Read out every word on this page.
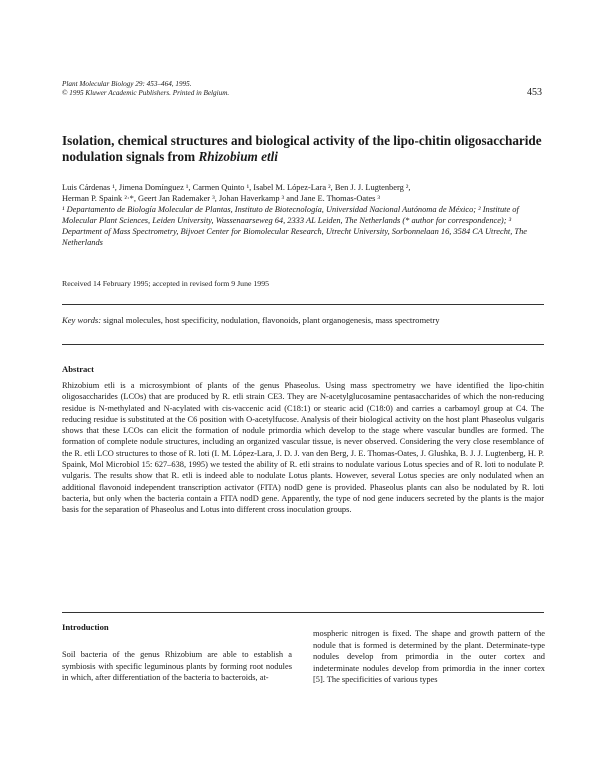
Plant Molecular Biology 29: 453–464, 1995.
© 1995 Kluwer Academic Publishers. Printed in Belgium.	453
Isolation, chemical structures and biological activity of the lipo-chitin oligosaccharide nodulation signals from Rhizobium etli
Luis Cárdenas ¹, Jimena Domínguez ¹, Carmen Quinto ¹, Isabel M. López-Lara ², Ben J. J. Lugtenberg ²,
Herman P. Spaink ²·*, Geert Jan Rademaker ³, Johan Haverkamp ³ and Jane E. Thomas-Oates ³
¹ Departamento de Biología Molecular de Plantas, Instituto de Biotecnología, Universidad Nacional Autónoma de México; ² Institute of Molecular Plant Sciences, Leiden University, Wassenaarseweg 64, 2333 AL Leiden, The Netherlands (* author for correspondence); ³ Department of Mass Spectrometry, Bijvoet Center for Biomolecular Research, Utrecht University, Sorbonnelaan 16, 3584 CA Utrecht, The Netherlands
Received 14 February 1995; accepted in revised form 9 June 1995
Key words: signal molecules, host specificity, nodulation, flavonoids, plant organogenesis, mass spectrometry
Abstract
Rhizobium etli is a microsymbiont of plants of the genus Phaseolus. Using mass spectrometry we have identified the lipo-chitin oligosaccharides (LCOs) that are produced by R. etli strain CE3. They are N-acetylglucosamine pentasaccharides of which the non-reducing residue is N-methylated and N-acylated with cis-vaccenic acid (C18:1) or stearic acid (C18:0) and carries a carbamoyl group at C4. The reducing residue is substituted at the C6 position with O-acetylfucose. Analysis of their biological activity on the host plant Phaseolus vulgaris shows that these LCOs can elicit the formation of nodule primordia which develop to the stage where vascular bundles are formed. The formation of complete nodule structures, including an organized vascular tissue, is never observed. Considering the very close resemblance of the R. etli LCO structures to those of R. loti (I. M. López-Lara, J. D. J. van den Berg, J. E. Thomas-Oates, J. Glushka, B. J. J. Lugtenberg, H. P. Spaink, Mol Microbiol 15: 627–638, 1995) we tested the ability of R. etli strains to nodulate various Lotus species and of R. loti to nodulate P. vulgaris. The results show that R. etli is indeed able to nodulate Lotus plants. However, several Lotus species are only nodulated when an additional flavonoid independent transcription activator (FITA) nodD gene is provided. Phaseolus plants can also be nodulated by R. loti bacteria, but only when the bacteria contain a FITA nodD gene. Apparently, the type of nod gene inducers secreted by the plants is the major basis for the separation of Phaseolus and Lotus into different cross inoculation groups.
Introduction
Soil bacteria of the genus Rhizobium are able to establish a symbiosis with specific leguminous plants by forming root nodules in which, after differentiation of the bacteria to bacteroids, at-
mospheric nitrogen is fixed. The shape and growth pattern of the nodule that is formed is determined by the plant. Determinate-type nodules develop from primordia in the outer cortex and indeterminate nodules develop from primordia in the inner cortex [5]. The specificities of various types
